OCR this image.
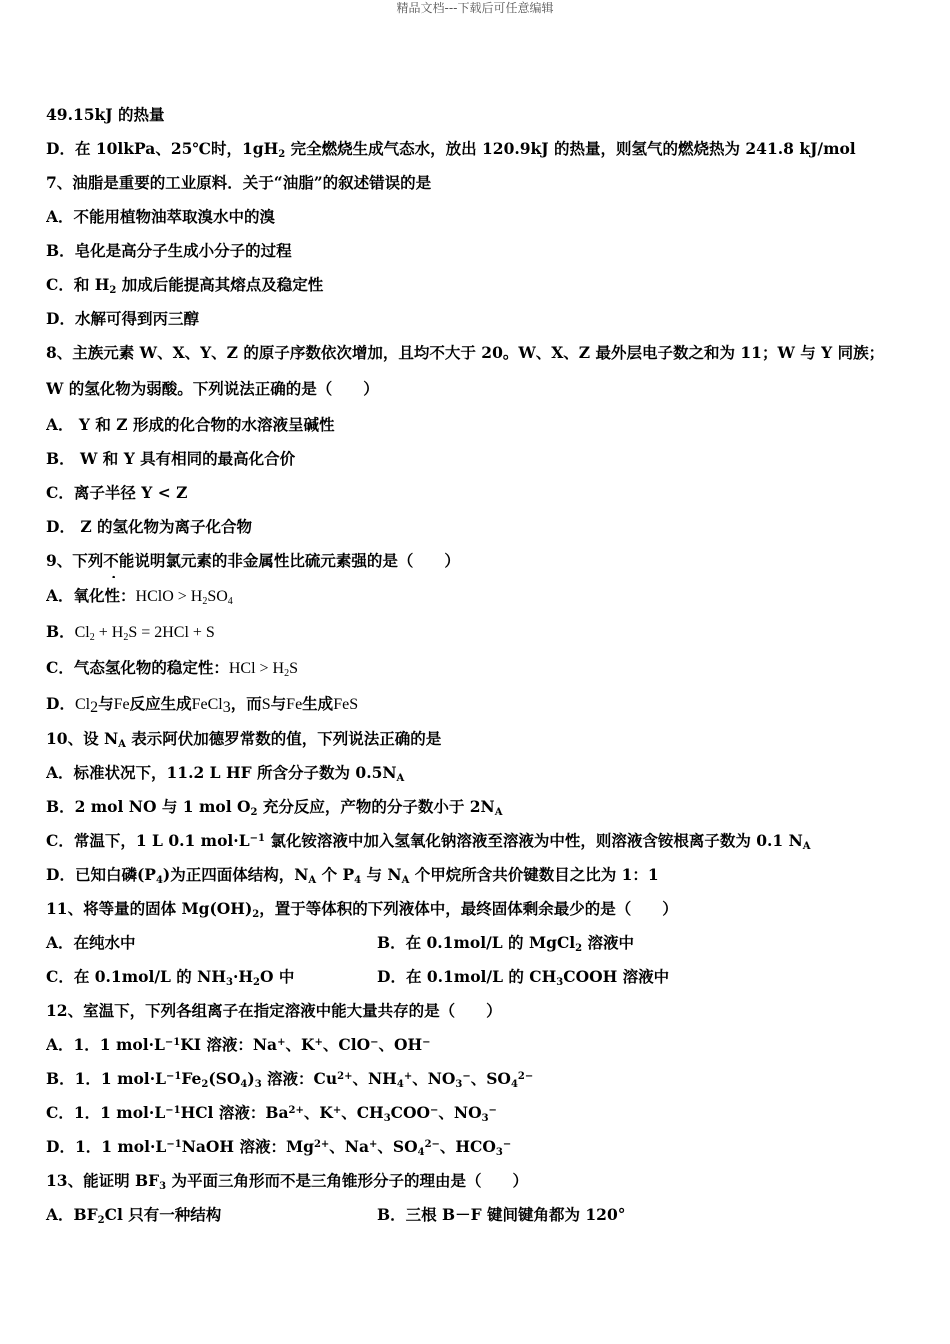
精品文档---下载后可任意编辑
49.15kJ 的热量
D．在 10lkPa、25℃时，$1gH_2$ 完全燃烧生成气态水，放出 120.9kJ 的热量，则氢气的燃烧热为 241.8 kJ/mol
7、油脂是重要的工业原料．关于“油脂”的叙述错误的是
A．不能用植物油萃取溴水中的溴
B．皂化是高分子生成小分子的过程
C．和 $H_2$ 加成后能提高其熔点及稳定性
D．水解可得到丙三醇
8、主族元素 W、X、Y、Z 的原子序数依次增加，且均不大于 20。W、X、Z 最外层电子数之和为 11；W 与 Y 同族；
W 的氢化物为弱酸。下列说法正确的是（　　）
A． Y 和 Z 形成的化合物的水溶液呈碱性
B． W 和 Y 具有相同的最高化合价
C．离子半径 Y < Z
D． Z 的氢化物为离子化合物
9、下列不能说明氯元素的非金属性比硫元素强的是（　　）
A．氧化性：HClO > $H_2SO_4$
B．$Cl_2 + H_2S = 2HCl + S$
C．气态氢化物的稳定性：HCl > $H_2S$
D．$Cl_2$与Fe反应生成FeCl$_3$，而S与Fe生成FeS
10、设 $N_A$ 表示阿伏加德罗常数的值，下列说法正确的是
A．标准状况下，11.2 L HF 所含分子数为 $0.5N_A$
B．2 mol NO 与 1 mol $O_2$ 充分反应，产物的分子数小于 $2N_A$
C．常温下，1 L 0.1 $mol\cdot L^{-1}$ 氯化铵溶液中加入氢氧化钠溶液至溶液为中性，则溶液含铵根离子数为 0.1 $N_A$
D．已知白磷$(P_4)$为正四面体结构，$N_A$ 个 $P_4$ 与 $N_A$ 个甲烷所含共价键数目之比为 1：1
11、将等量的固体 $Mg(OH)_2$，置于等体积的下列液体中，最终固体剩余最少的是（　　）
A．在纯水中	B．在 0.1mol/L 的 MgCl$_2$ 溶液中
C．在 0.1mol/L 的 $NH_3\cdot H_2O$ 中	D．在 0.1mol/L 的 $CH_3COOH$ 溶液中
12、室温下，下列各组离子在指定溶液中能大量共存的是（　　）
A．1．1 $mol\cdot L^{-1}KI$ 溶液：Na+、K+、ClO−、OH−
B．1．1 $mol\cdot L^{-1}Fe_2(SO_4)_3$ 溶液：$Cu^{2+}$、$NH_4^+$、$NO_3^-$、$SO_4^{2-}$
C．1．1 $mol\cdot L^{-1}HCl$ 溶液：$Ba^{2+}$、K+、$CH_3COO^-$、$NO_3^-$
D．1．1 $mol\cdot L^{-1}NaOH$ 溶液：$Mg^{2+}$、Na+、$SO_4^{2-}$、$HCO_3^-$
13、能证明 $BF_3$ 为平面三角形而不是三角锥形分子的理由是（　　）
A．$BF_2Cl$ 只有一种结构	B．三根 B－F 键间键角都为 120°
